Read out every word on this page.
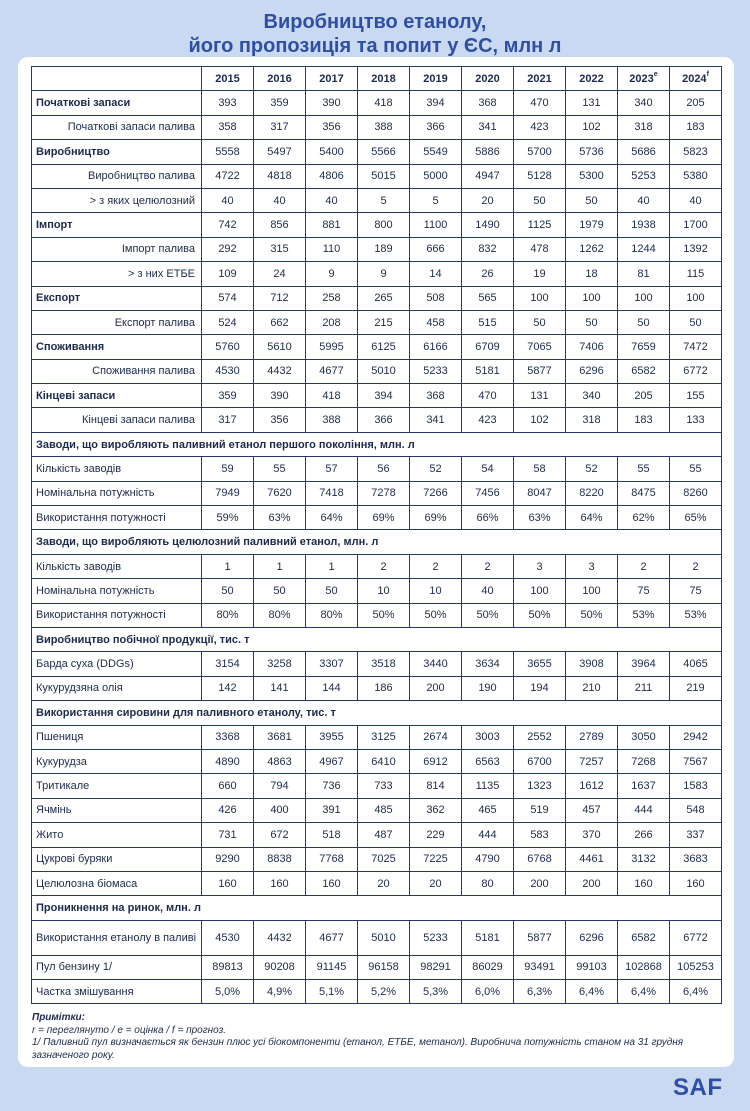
Виробництво етанолу,
його пропозиція та попит у ЄС, млн л
	2015	2016	2017	2018	2019	2020	2021	2022	2023e	2024$^f$
Початкові запаси	393	359	390	418	394	368	470	131	340	205
Початкові запаси палива	358	317	356	388	366	341	423	102	318	183
Виробництво	5558	5497	5400	5566	5549	5886	5700	5736	5686	5823
Виробництво палива	4722	4818	4806	5015	5000	4947	5128	5300	5253	5380
> з яких целюлозний	40	40	40	5	5	20	50	50	40	40
Імпорт	742	856	881	800	1100	1490	1125	1979	1938	1700
Імпорт палива	292	315	110	189	666	832	478	1262	1244	1392
> з них ЕТБЕ	109	24	9	9	14	26	19	18	81	115
Експорт	574	712	258	265	508	565	100	100	100	100
Експорт палива	524	662	208	215	458	515	50	50	50	50
Споживання	5760	5610	5995	6125	6166	6709	7065	7406	7659	7472
Споживання палива	4530	4432	4677	5010	5233	5181	5877	6296	6582	6772
Кінцеві запаси	359	390	418	394	368	470	131	340	205	155
Кінцеві запаси палива	317	356	388	366	341	423	102	318	183	133
Заводи, що виробляють паливний етанол першого покоління, млн. л										
Кількість заводів	59	55	57	56	52	54	58	52	55	55
Номінальна потужність	7949	7620	7418	7278	7266	7456	8047	8220	8475	8260
Використання потужності	59%	63%	64%	69%	69%	66%	63%	64%	62%	65%
Заводи, що виробляють целюлозний паливний етанол, млн. л										
Кількість заводів	1	1	1	2	2	2	3	3	2	2
Номінальна потужність	50	50	50	10	10	40	100	100	75	75
Використання потужності	80%	80%	80%	50%	50%	50%	50%	50%	53%	53%
Виробництво побічної продукції, тис. т										
Барда суха (DDGs)	3154	3258	3307	3518	3440	3634	3655	3908	3964	4065
Кукурудзяна олія	142	141	144	186	200	190	194	210	211	219
Використання сировини для паливного етанолу, тис. т										
Пшениця	3368	3681	3955	3125	2674	3003	2552	2789	3050	2942
Кукурудза	4890	4863	4967	6410	6912	6563	6700	7257	7268	7567
Тритикале	660	794	736	733	814	1135	1323	1612	1637	1583
Ячмінь	426	400	391	485	362	465	519	457	444	548
Жито	731	672	518	487	229	444	583	370	266	337
Цукрові буряки	9290	8838	7768	7025	7225	4790	6768	4461	3132	3683
Целюлозна біомаса	160	160	160	20	20	80	200	200	160	160
Проникнення на ринок, млн. л										
Використання етанолу в паливі	4530	4432	4677	5010	5233	5181	5877	6296	6582	6772
Пул бензину 1/	89813	90208	91145	96158	98291	86029	93491	99103	102868	105253
Частка змішування	5,0%	4,9%	5,1%	5,2%	5,3%	6,0%	6,3%	6,4%	6,4%	6,4%
Примітки:
r = переглянуто / e = оцінка / f = прогноз.
1/ Паливний пул визначається як бензин плюс усі біокомпоненти (етанол, ЕТБЕ, метанол). Виробнича потужність станом на 31 грудня зазначеного року.
SAF
